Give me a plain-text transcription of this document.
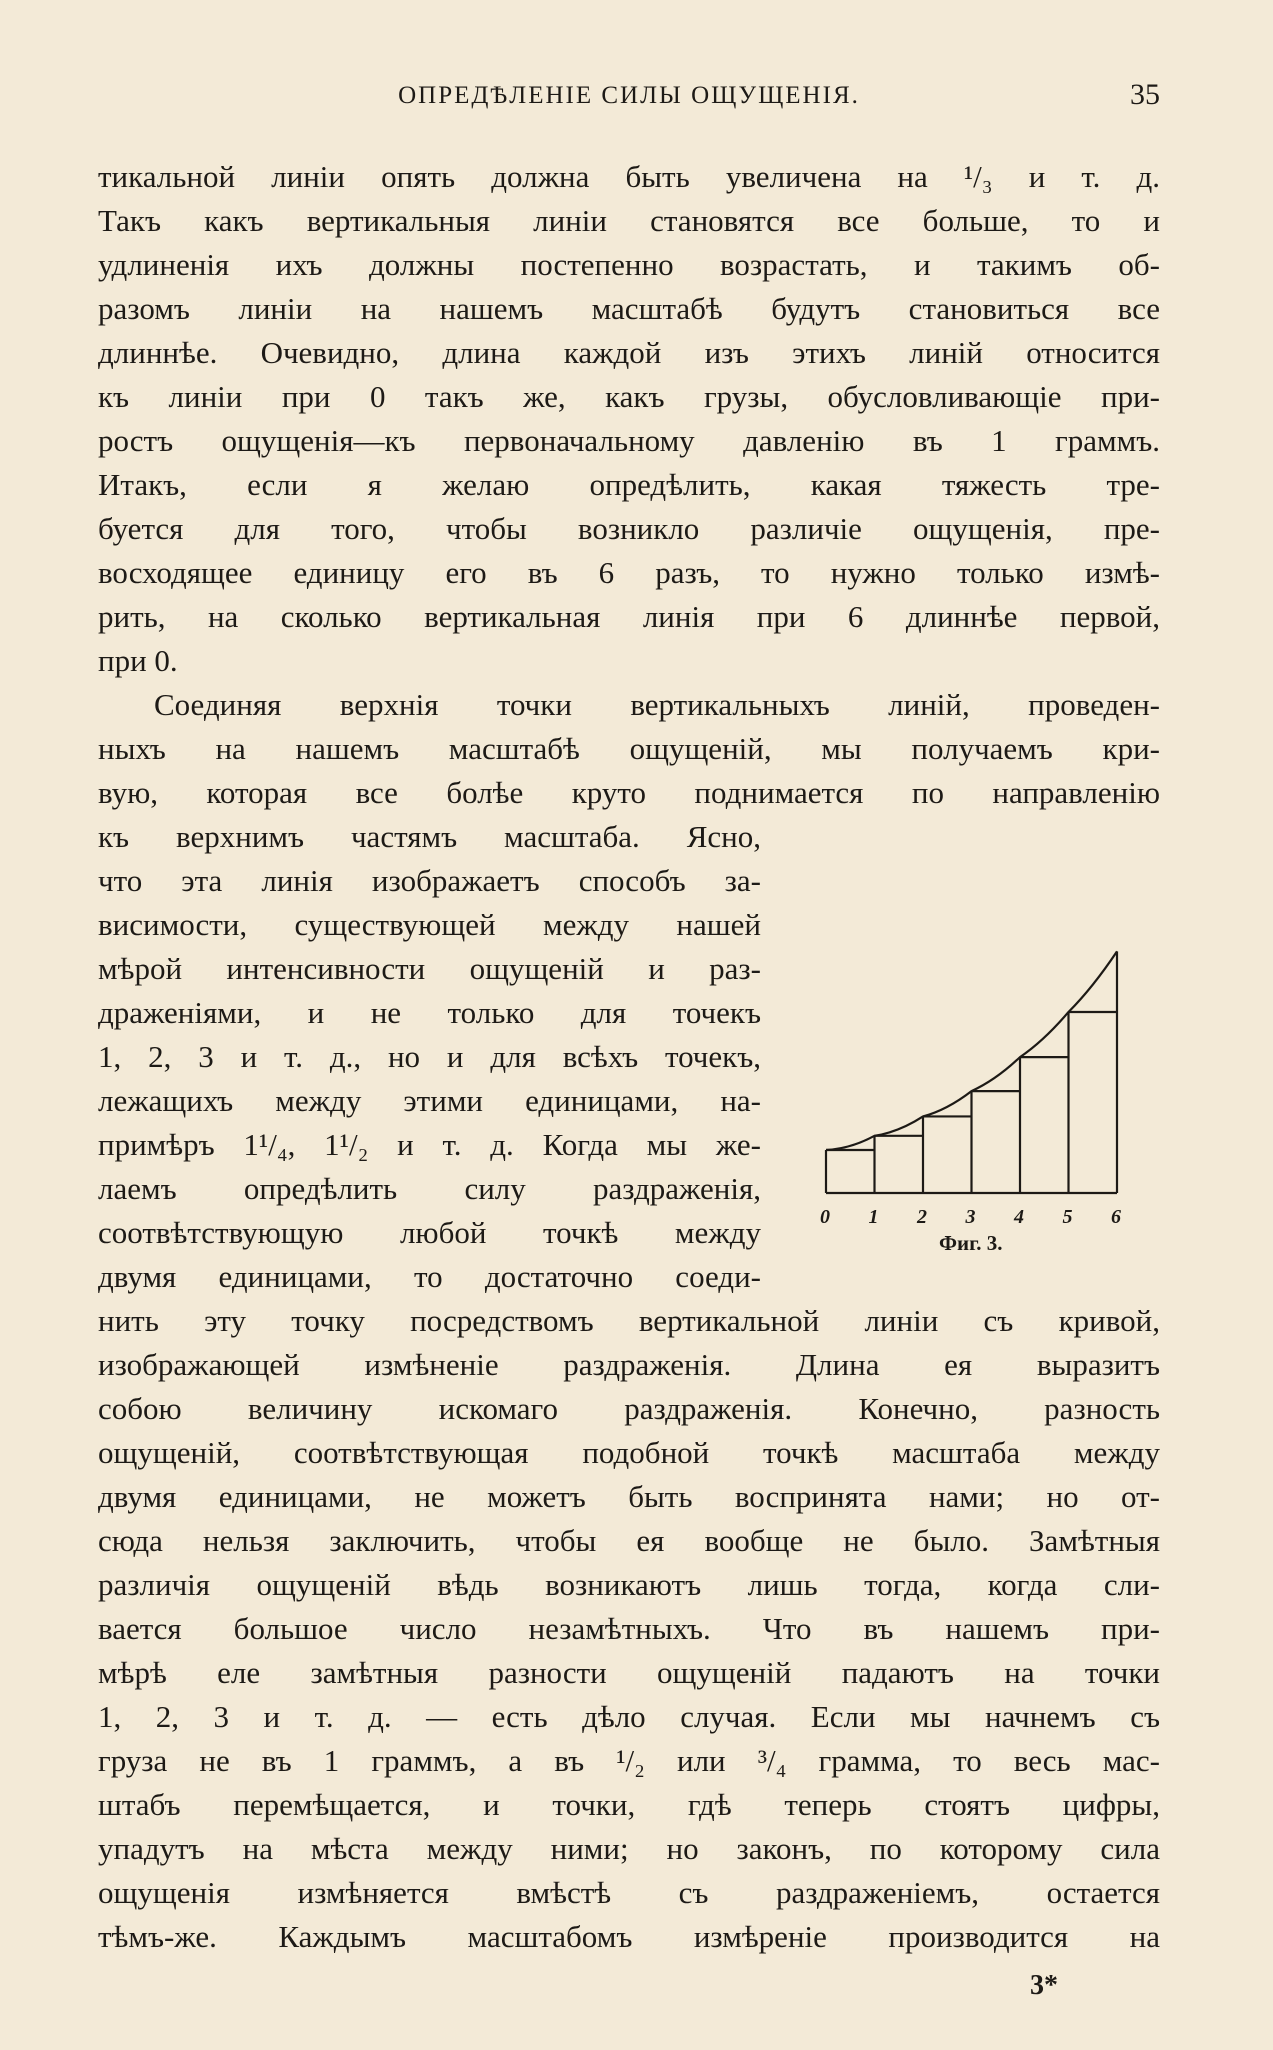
ОПРЕДѢЛЕНІЕ СИЛЫ ОЩУЩЕНІЯ.	35
тикальной линіи опять должна быть увеличена на ¹/₃ и т. д.
Такъ какъ вертикальныя линіи становятся все больше, то и
удлиненія ихъ должны постепенно возрастать, и такимъ об-
разомъ линіи на нашемъ масштабѣ будутъ становиться все
длиннѣе. Очевидно, длина каждой изъ этихъ линій относится
къ линіи при 0 такъ же, какъ грузы, обусловливающіе при-
ростъ ощущенія—къ первоначальному давленію въ 1 граммъ.
Итакъ, если я желаю опредѣлить, какая тяжесть тре-
буется для того, чтобы возникло различіе ощущенія, пре-
восходящее единицу его въ 6 разъ, то нужно только измѣ-
рить, на сколько вертикальная линія при 6 длиннѣе первой,
при 0.
Соединяя верхнія точки вертикальныхъ линій, проведен-
ныхъ на нашемъ масштабѣ ощущеній, мы получаемъ кри-
вую, которая все болѣе круто поднимается по направленію
къ верхнимъ частямъ масштаба. Ясно,
что эта линія изображаетъ способъ за-
висимости, существующей между нашей
мѣрой интенсивности ощущеній и раз-
драженіями, и не только для точекъ
1, 2, 3 и т. д., но и для всѣхъ точекъ,
лежащихъ между этими единицами, на-
примѣръ 1¹/₄, 1¹/₂ и т. д. Когда мы же-
лаемъ опредѣлить силу раздраженія,
соотвѣтствующую любой точкѣ между
двумя единицами, то достаточно соеди-
нить эту точку посредствомъ вертикальной линіи съ кривой,
изображающей измѣненіе раздраженія. Длина ея выразитъ
собою величину искомаго раздраженія. Конечно, разность
ощущеній, соотвѣтствующая подобной точкѣ масштаба между
двумя единицами, не можетъ быть воспринята нами; но от-
сюда нельзя заключить, чтобы ея вообще не было. Замѣтныя
различія ощущеній вѣдь возникаютъ лишь тогда, когда сли-
вается большое число незамѣтныхъ. Что въ нашемъ при-
мѣрѣ еле замѣтныя разности ощущеній падаютъ на точки
1, 2, 3 и т. д. — есть дѣло случая. Если мы начнемъ съ
груза не въ 1 граммъ, а въ ¹/₂ или ³/₄ грамма, то весь мас-
штабъ перемѣщается, и точки, гдѣ теперь стоятъ цифры,
упадутъ на мѣста между ними; но законъ, по которому сила
ощущенія измѣняется вмѣстѣ съ раздраженіемъ, остается
тѣмъ-же. Каждымъ масштабомъ измѣреніе производится на
0 1 2 3 4 5 6
Фиг. 3.
3*
